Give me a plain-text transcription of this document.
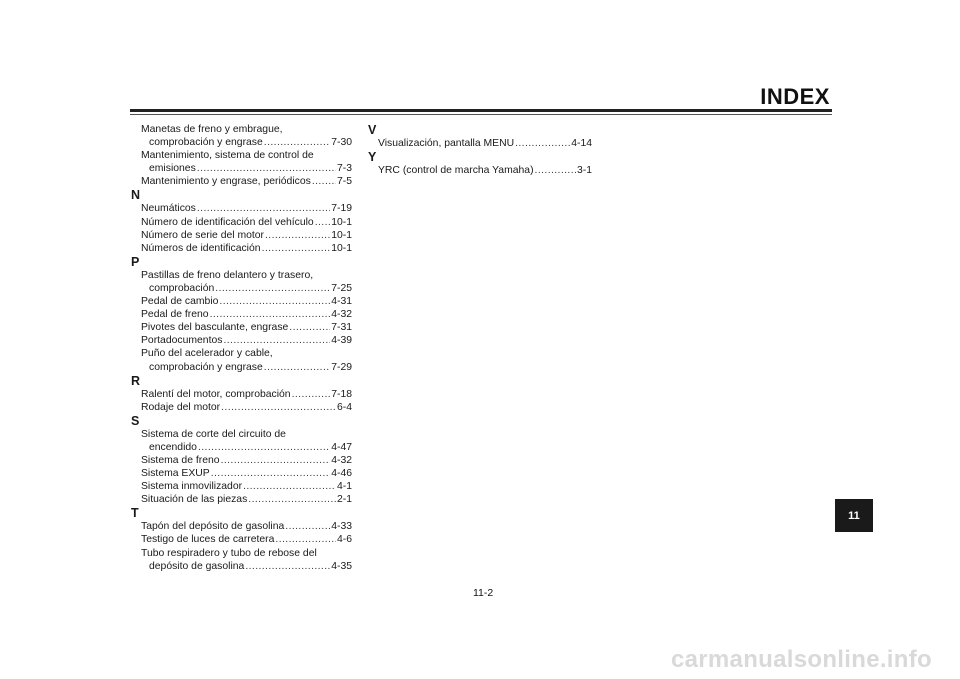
INDEX
Manetas de freno y embrague,
comprobación y engrase .....	7-30
Mantenimiento, sistema de control de
emisiones .....	7-3
Mantenimiento y engrase, periódicos .....	7-5
N
Neumáticos .....	7-19
Número de identificación del vehículo ..... 10-1
Número de serie del motor .....	10-1
Números de identificación .....	10-1
P
Pastillas de freno delantero y trasero,
comprobación .....	7-25
Pedal de cambio .....	4-31
Pedal de freno .....	4-32
Pivotes del basculante, engrase .....	7-31
Portadocumentos .....	4-39
Puño del acelerador y cable,
comprobación y engrase .....	7-29
R
Ralentí del motor, comprobación .....	7-18
Rodaje del motor .....	6-4
S
Sistema de corte del circuito de
encendido .....	4-47
Sistema de freno .....	4-32
Sistema EXUP .....	4-46
Sistema inmovilizador .....	4-1
Situación de las piezas .....	2-1
T
Tapón del depósito de gasolina .....	4-33
Testigo de luces de carretera .....	4-6
Tubo respiradero y tubo de rebose del
depósito de gasolina .....	4-35
V
Visualización, pantalla MENU .....	4-14
Y
YRC (control de marcha Yamaha) .....	3-1
11
11-2
carmanualsonline.info
